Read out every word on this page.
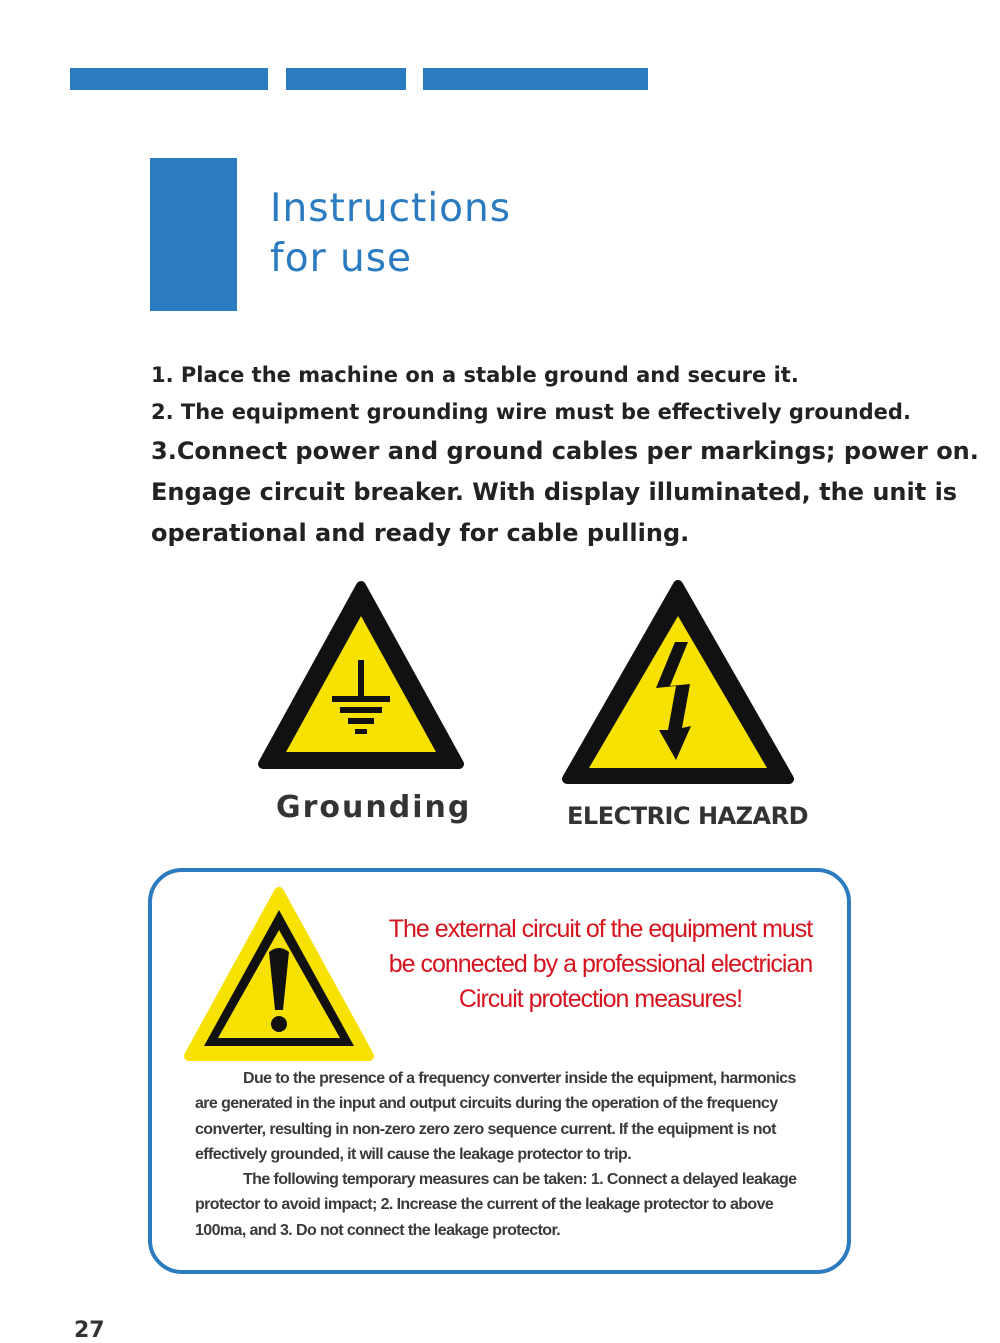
Instructions
for use
1. Place the machine on a stable ground and secure it.
2. The equipment grounding wire must be effectively grounded.
3.Connect power and ground cables per markings; power on.
Engage circuit breaker. With display illuminated, the unit is
operational and ready for cable pulling.
Grounding	ELECTRIC HAZARD
The external circuit of the equipment must
be connected by a professional electrician
Circuit protection measures!

Due to the presence of a frequency converter inside the equipment, harmonics are generated in the input and output circuits during the operation of the frequency converter, resulting in non-zero zero zero sequence current. If the equipment is not effectively grounded, it will cause the leakage protector to trip.

The following temporary measures can be taken: 1. Connect a delayed leakage protector to avoid impact; 2. Increase the current of the leakage protector to above 100ma, and 3. Do not connect the leakage protector.

27
